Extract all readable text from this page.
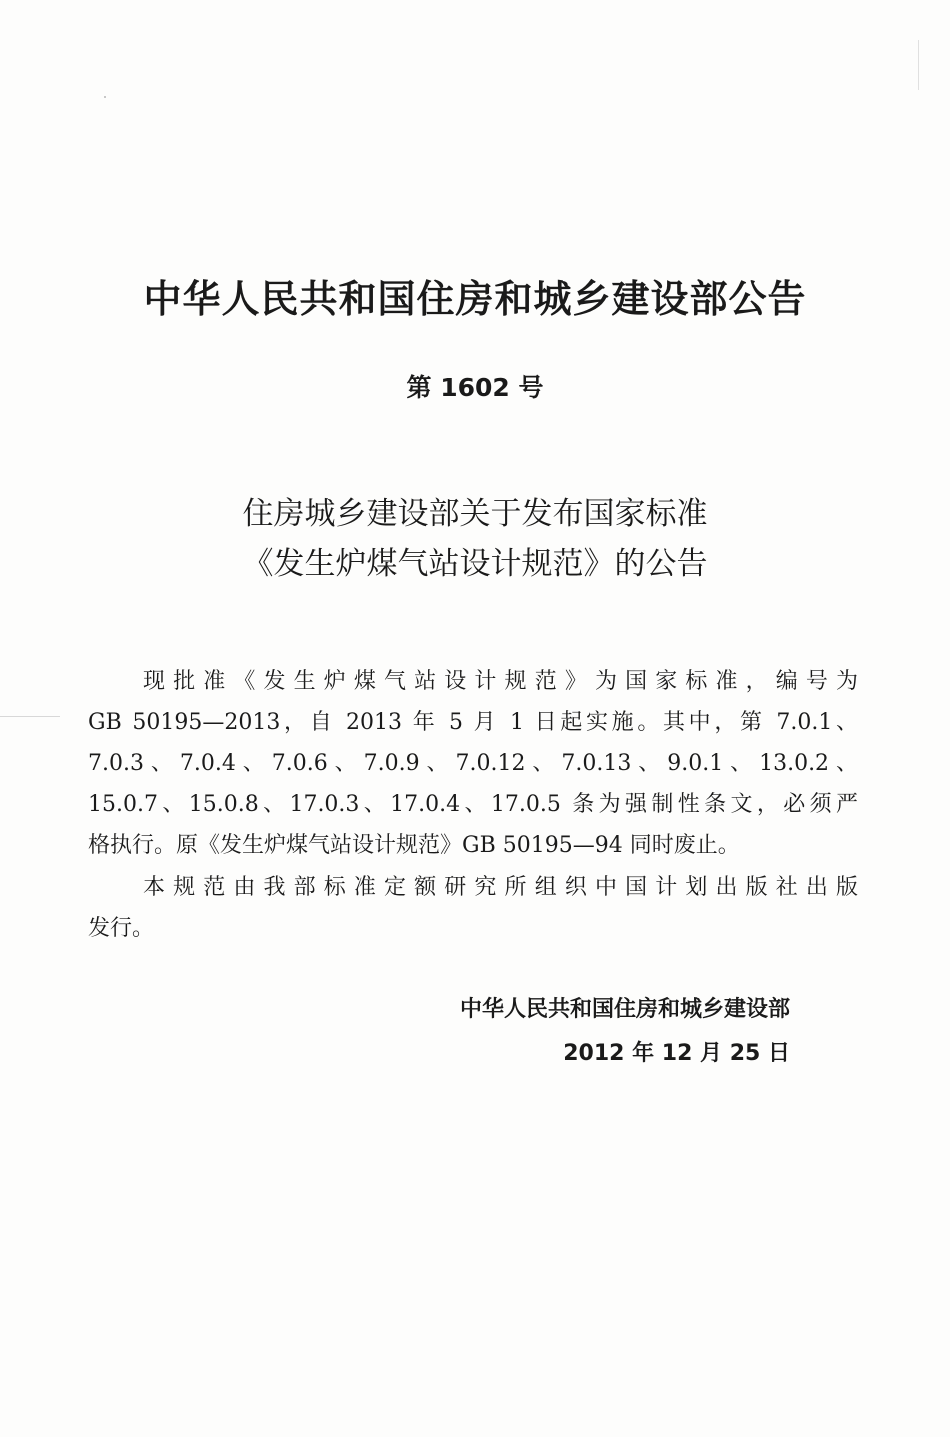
中华人民共和国住房和城乡建设部公告
第 1602 号
住房城乡建设部关于发布国家标准
《发生炉煤气站设计规范》的公告
现批准《发生炉煤气站设计规范》为国家标准，编号为
GB 50195—2013，自 2013 年 5 月 1 日起实施。其中，第 7.0.1、
7.0.3、7.0.4、7.0.6、7.0.9、7.0.12、7.0.13、9.0.1、13.0.2、
15.0.7、15.0.8、17.0.3、17.0.4、17.0.5 条为强制性条文，必须严
格执行。原《发生炉煤气站设计规范》GB 50195—94 同时废止。
本规范由我部标准定额研究所组织中国计划出版社出版
发行。
中华人民共和国住房和城乡建设部
2012 年 12 月 25 日
